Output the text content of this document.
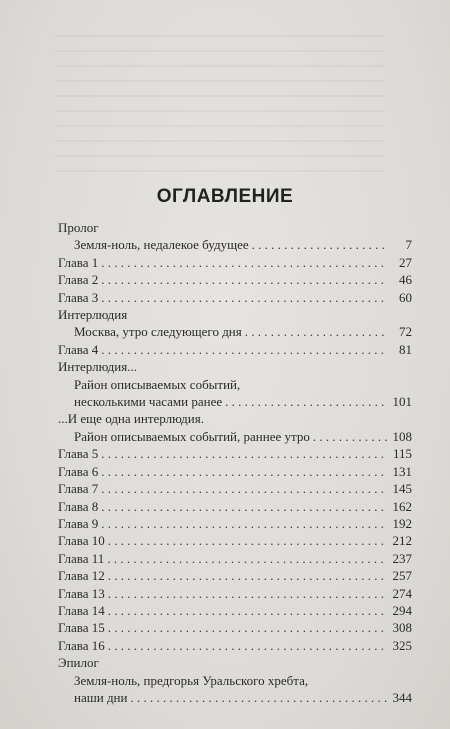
ОГЛАВЛЕНИЕ
Пролог
Земля-ноль, недалекое будущее . . .	7
Глава 1 . . .	27
Глава 2 . . .	46
Глава 3 . . .	60
Интерлюдия
Москва, утро следующего дня . . .	72
Глава 4 . . .	81
Интерлюдия...
Район описываемых событий,
несколькими часами ранее . . .	101
...И еще одна интерлюдия.
Район описываемых событий, раннее утро . . .	108
Глава 5 . . .	115
Глава 6 . . .	131
Глава 7 . . .	145
Глава 8 . . .	162
Глава 9 . . .	192
Глава 10 . . .	212
Глава 11 . . .	237
Глава 12 . . .	257
Глава 13 . . .	274
Глава 14 . . .	294
Глава 15 . . .	308
Глава 16 . . .	325
Эпилог
Земля-ноль, предгорья Уральского хребта,
наши дни . . .	344
